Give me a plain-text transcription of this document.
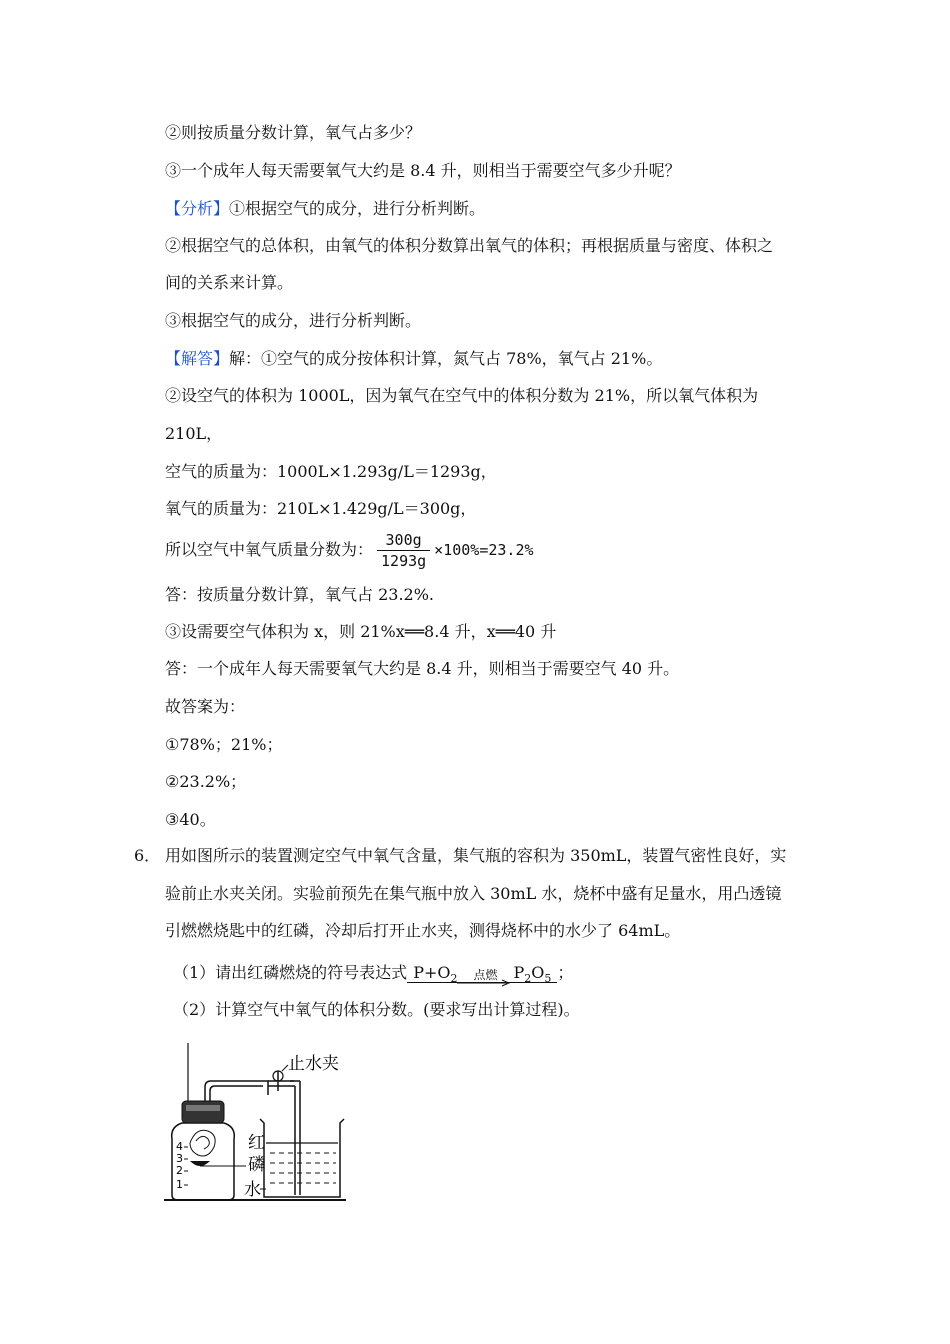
②则按质量分数计算，氧气占多少？
③一个成年人每天需要氧气大约是 8.4 升，则相当于需要空气多少升呢？
【分析】①根据空气的成分，进行分析判断。
②根据空气的总体积，由氧气的体积分数算出氧气的体积；再根据质量与密度、体积之
间的关系来计算。
③根据空气的成分，进行分析判断。
【解答】解：①空气的成分按体积计算，氮气占 78%，氧气占 21%。
②设空气的体积为 1000L，因为氧气在空气中的体积分数为 21%，所以氧气体积为
210L，
空气的质量为：1000L×1.293g/L＝1293g，
氧气的质量为：210L×1.429g/L＝300g，
所以空气中氧气质量分数为： $\frac{300g}{1293g} \times 100\%=23.2\%$
答：按质量分数计算，氧气占 23.2%.
③设需要空气体积为 x，则 21%x══8.4 升，x══40 升
答：一个成年人每天需要氧气大约是 8.4 升，则相当于需要空气 40 升。
故答案为：
①78%；21%；
②23.2%；
③40。
6． 用如图所示的装置测定空气中氧气含量，集气瓶的容积为 350mL，装置气密性良好，实
验前止水夹关闭。实验前预先在集气瓶中放入 30mL 水，烧杯中盛有足量水，用凸透镜
引燃燃烧匙中的红磷，冷却后打开止水夹，测得烧杯中的水少了 64mL。
（1）请出红磷燃烧的符号表达式 $P+O_2$	点燃	$P_2O_5$ ；
（2）计算空气中氧气的体积分数。(要求写出计算过程)。
4
3
2
1
止水夹
红
磷
水
